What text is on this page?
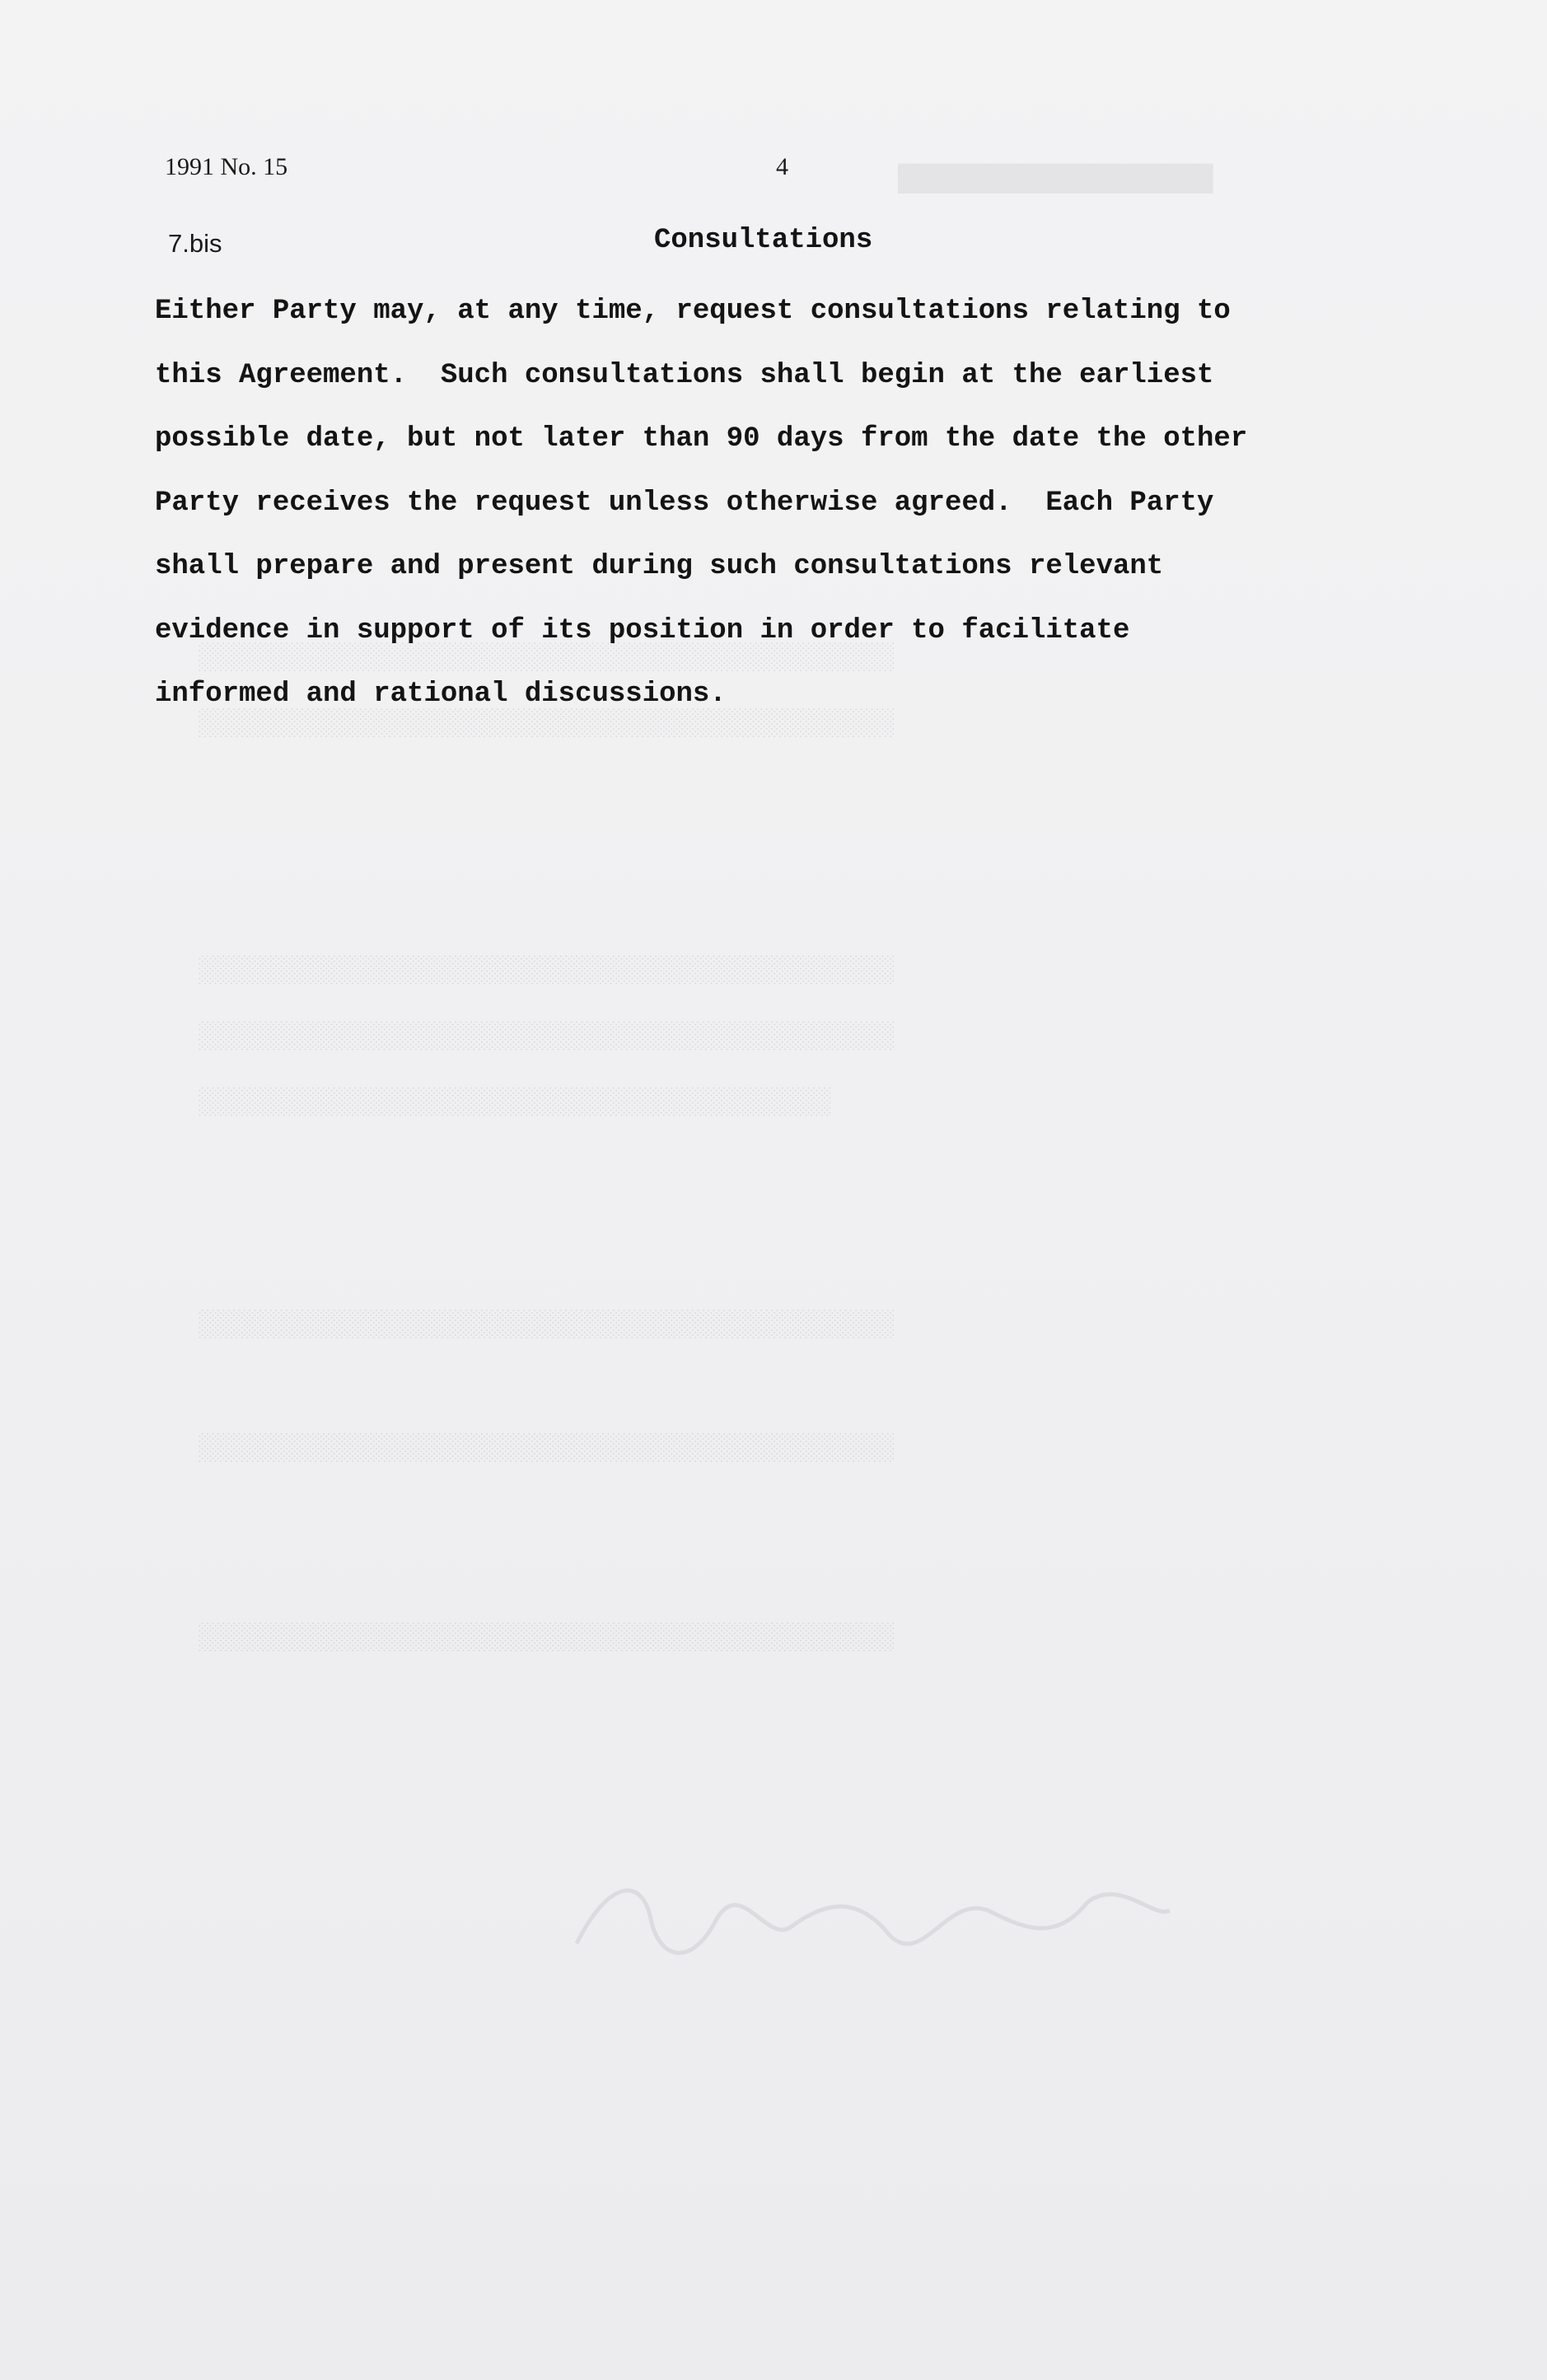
██████████████████
░░░░░░░░░░░░░░░░░░░░░░░░░░░░░░░░░░░░░░░░░░░░
░░░░░░░░░░░░░░░░░░░░░░░░░░░░░░░░░░░░░░░░░░░░
░░░░░░░░░░░░░░░░░░░░░░░░░░░░░░░░░░░░░░░░░░░░
░░░░░░░░░░░░░░░░░░░░░░░░░░░░░░░░░░░░░░░░░░░░
░░░░░░░░░░░░░░░░░░░░░░░░░░░░░░░░░░░░░░░░
░░░░░░░░░░░░░░░░░░░░░░░░░░░░░░░░░░░░░░░░░░░░
░░░░░░░░░░░░░░░░░░░░░░░░░░░░░░░░░░░░░░░░░░░░
░░░░░░░░░░░░░░░░░░░░░░░░░░░░░░░░░░░░░░░░░░░░
1991 No. 15	4
7.bis	Consultations
Either Party may, at any time, request consultations relating to
this Agreement.  Such consultations shall begin at the earliest
possible date, but not later than 90 days from the date the other
Party receives the request unless otherwise agreed.  Each Party
shall prepare and present during such consultations relevant
evidence in support of its position in order to facilitate
informed and rational discussions.
